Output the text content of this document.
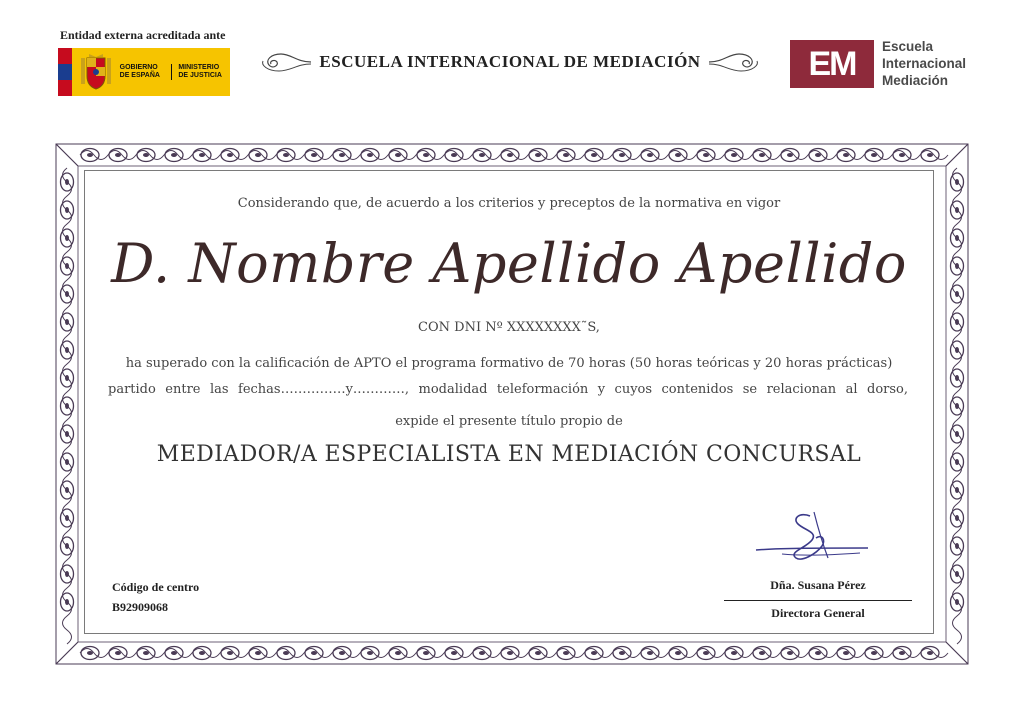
Entidad externa acreditada ante
GOBIERNO
DE ESPAÑA
MINISTERIO
DE JUSTICIA
ESCUELA INTERNACIONAL DE MEDIACIÓN	EM Escuela
Internacional
Mediación
Considerando que, de acuerdo a los criterios y preceptos de la normativa en vigor
D. Nombre Apellido Apellido
CON DNI Nº XXXXXXXX˜S,
ha superado con la calificación de APTO el programa formativo de 70 horas (50 horas teóricas y 20 horas prácticas)
partido entre las fechas……………y…………, modalidad teleformación y cuyos contenidos se relacionan al dorso,
expide el presente título propio de
MEDIADOR/A ESPECIALISTA EN MEDIACIÓN CONCURSAL
Código de centro
B92909068
Dña. Susana Pérez
Directora General
